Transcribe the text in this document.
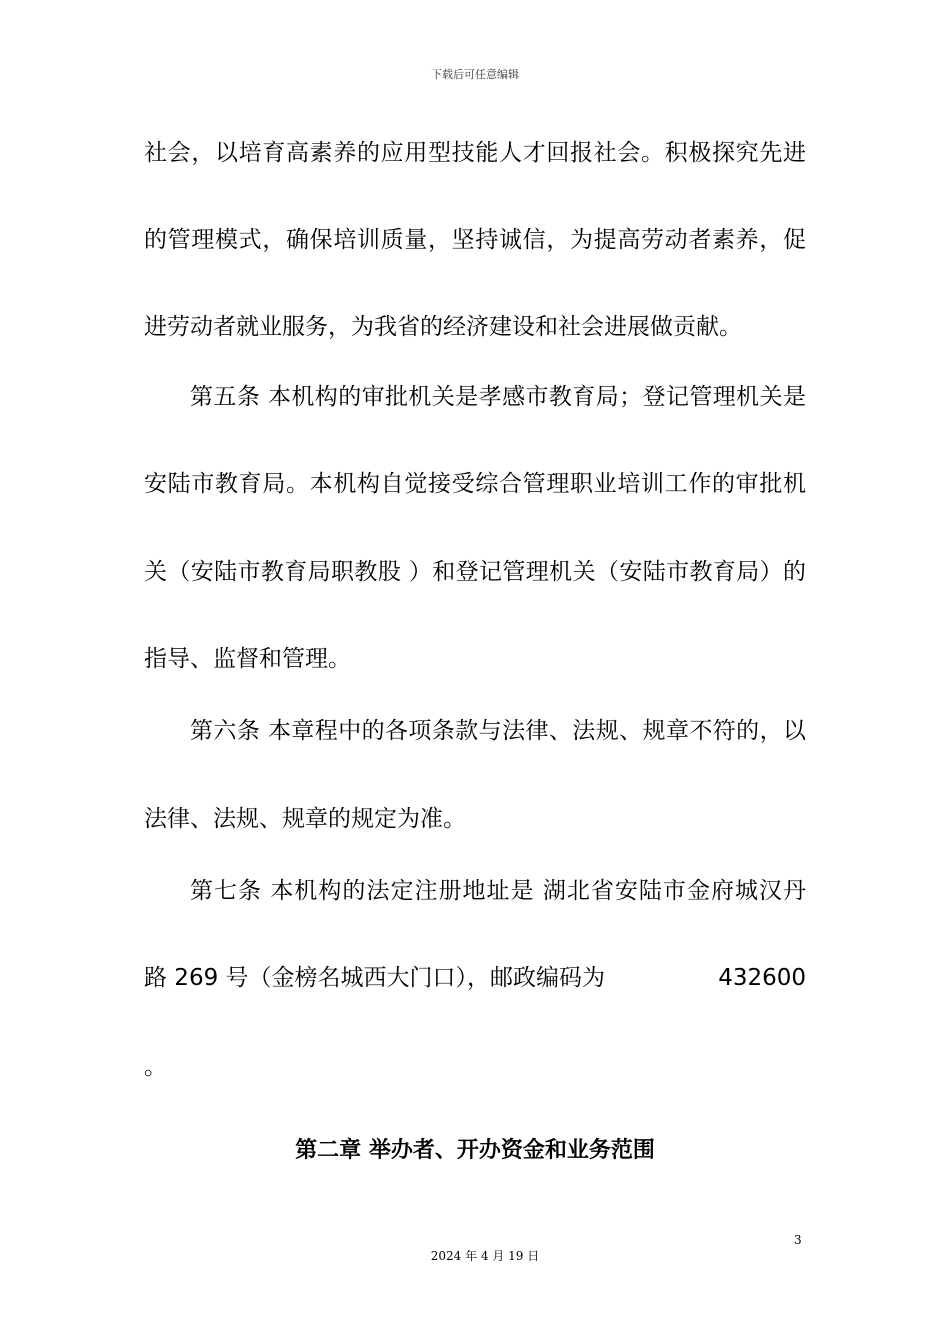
下载后可任意编辑
社会，以培育高素养的应用型技能人才回报社会。积极探究先进
的管理模式，确保培训质量，坚持诚信，为提高劳动者素养，促
进劳动者就业服务，为我省的经济建设和社会进展做贡献。
第五条 本机构的审批机关是孝感市教育局；登记管理机关是
安陆市教育局。本机构自觉接受综合管理职业培训工作的审批机
关（安陆市教育局职教股 ）和登记管理机关（安陆市教育局）的
指导、监督和管理。
第六条 本章程中的各项条款与法律、法规、规章不符的，以
法律、法规、规章的规定为准。
第七条 本机构的法定注册地址是 湖北省安陆市金府城汉丹
路 269 号（金榜名城西大门口），邮政编码为	432600
。
第二章 举办者、开办资金和业务范围
3
2024 年 4 月 19 日
